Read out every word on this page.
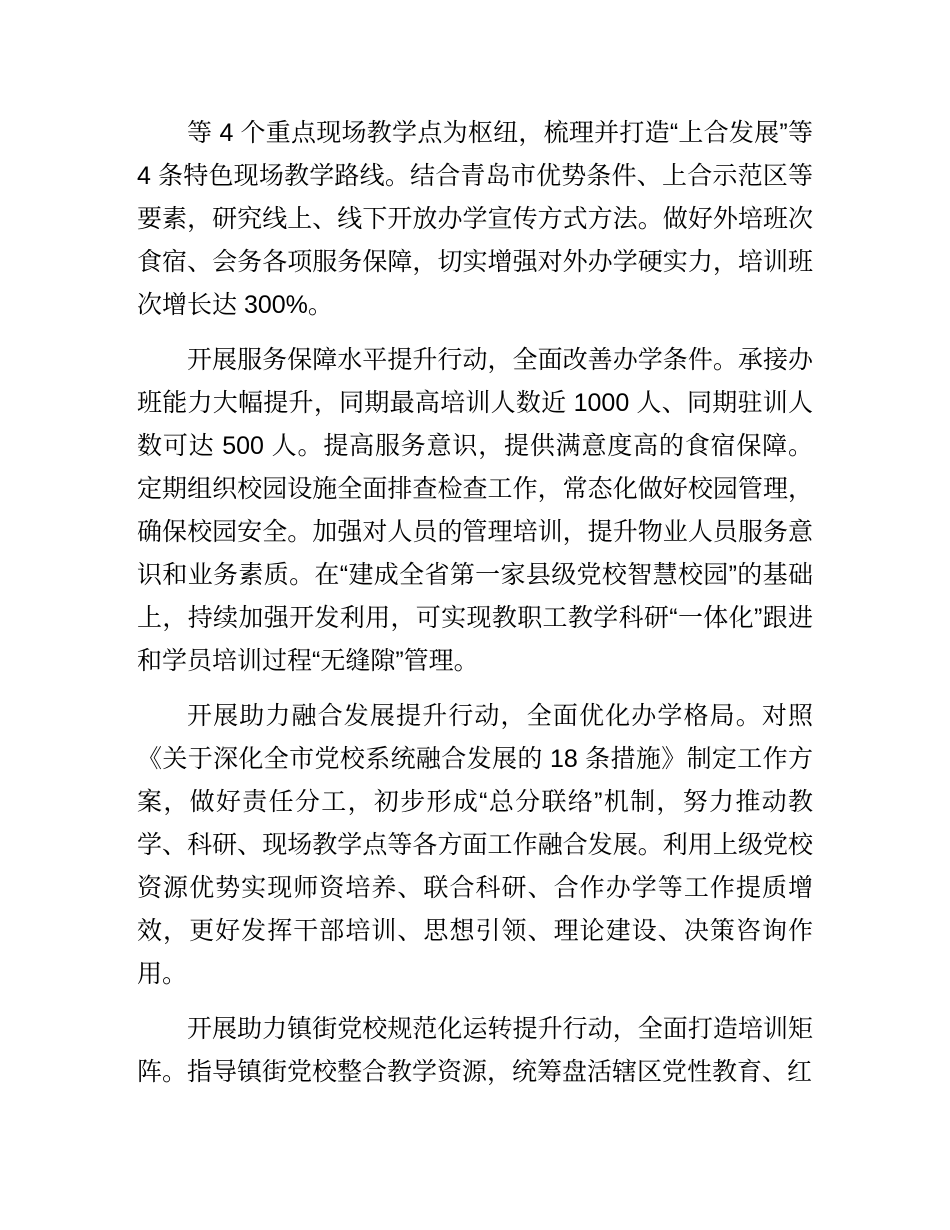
等 4 个重点现场教学点为枢纽，梳理并打造“上合发展”等 4 条特色现场教学路线。结合青岛市优势条件、上合示范区等要素，研究线上、线下开放办学宣传方式方法。做好外培班次食宿、会务各项服务保障，切实增强对外办学硬实力，培训班次增长达 300%。

开展服务保障水平提升行动，全面改善办学条件。承接办班能力大幅提升，同期最高培训人数近 1000 人、同期驻训人数可达 500 人。提高服务意识，提供满意度高的食宿保障。定期组织校园设施全面排查检查工作，常态化做好校园管理，确保校园安全。加强对人员的管理培训，提升物业人员服务意识和业务素质。在“建成全省第一家县级党校智慧校园”的基础上，持续加强开发利用，可实现教职工教学科研“一体化”跟进和学员培训过程“无缝隙”管理。

开展助力融合发展提升行动，全面优化办学格局。对照《关于深化全市党校系统融合发展的 18 条措施》制定工作方案，做好责任分工，初步形成“总分联络”机制，努力推动教学、科研、现场教学点等各方面工作融合发展。利用上级党校资源优势实现师资培养、联合科研、合作办学等工作提质增效，更好发挥干部培训、思想引领、理论建设、决策咨询作用。

开展助力镇街党校规范化运转提升行动，全面打造培训矩阵。指导镇街党校整合教学资源，统筹盘活辖区党性教育、红
